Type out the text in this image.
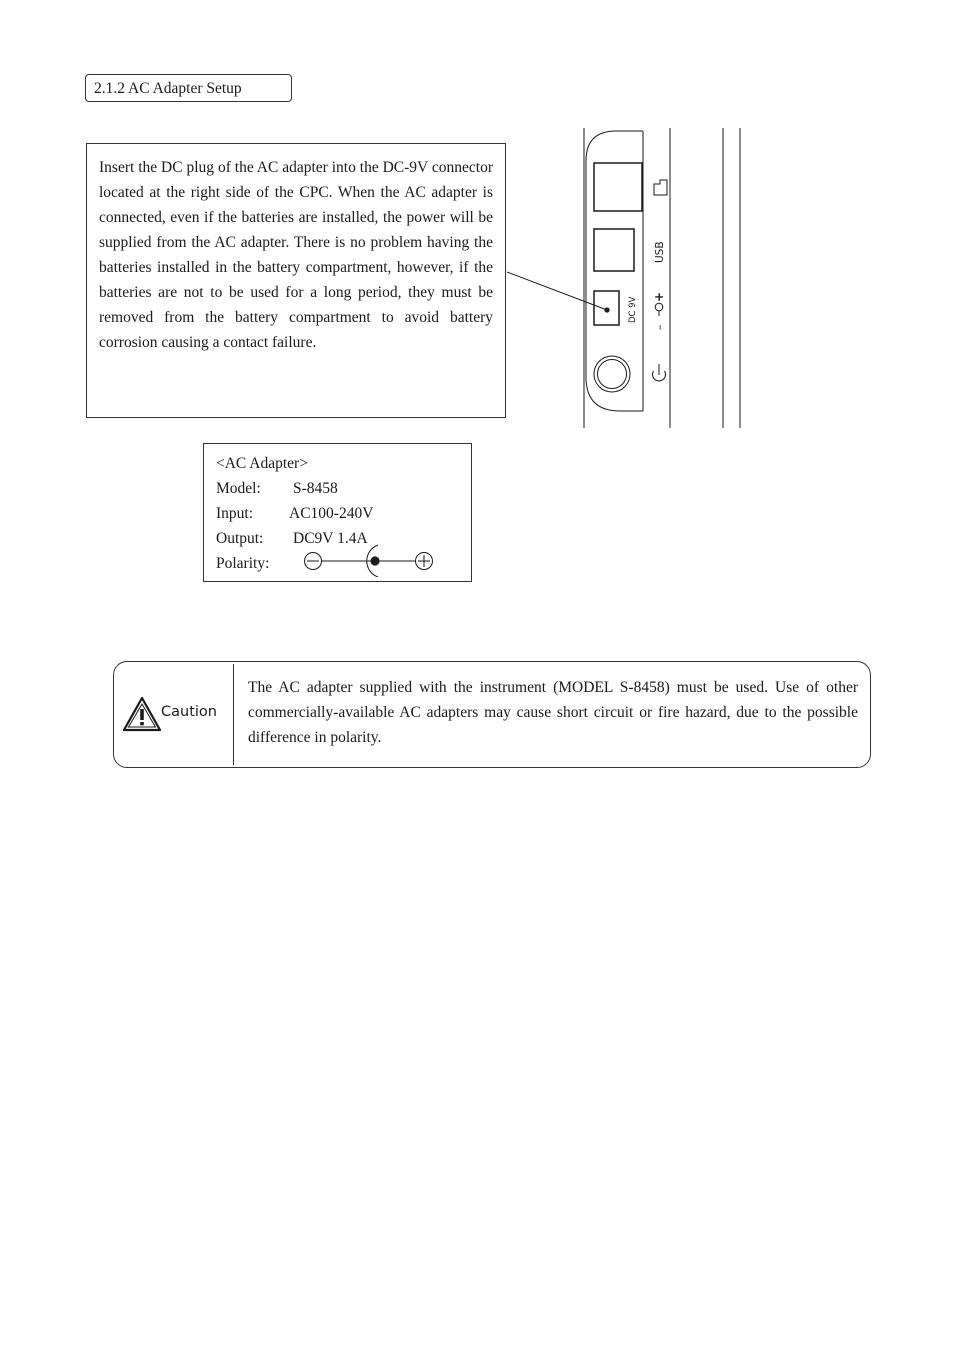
2.1.2 AC Adapter Setup
Insert the DC plug of the AC adapter into the DC-9V connector located at the right side of the CPC. When the AC adapter is connected, even if the batteries are installed, the power will be supplied from the AC adapter. There is no problem having the batteries installed in the battery compartment, however, if the batteries are not to be used for a long period, they must be removed from the battery compartment to avoid battery corrosion causing a contact failure.
DC 9V
USB
–
+
<AC Adapter>
Model: S-8458
Input: AC100-240V
Output: DC9V 1.4A
Polarity:
Caution
The AC adapter supplied with the instrument (MODEL S-8458) must be used. Use of other commercially-available AC adapters may cause short circuit or fire hazard, due to the possible difference in polarity.
